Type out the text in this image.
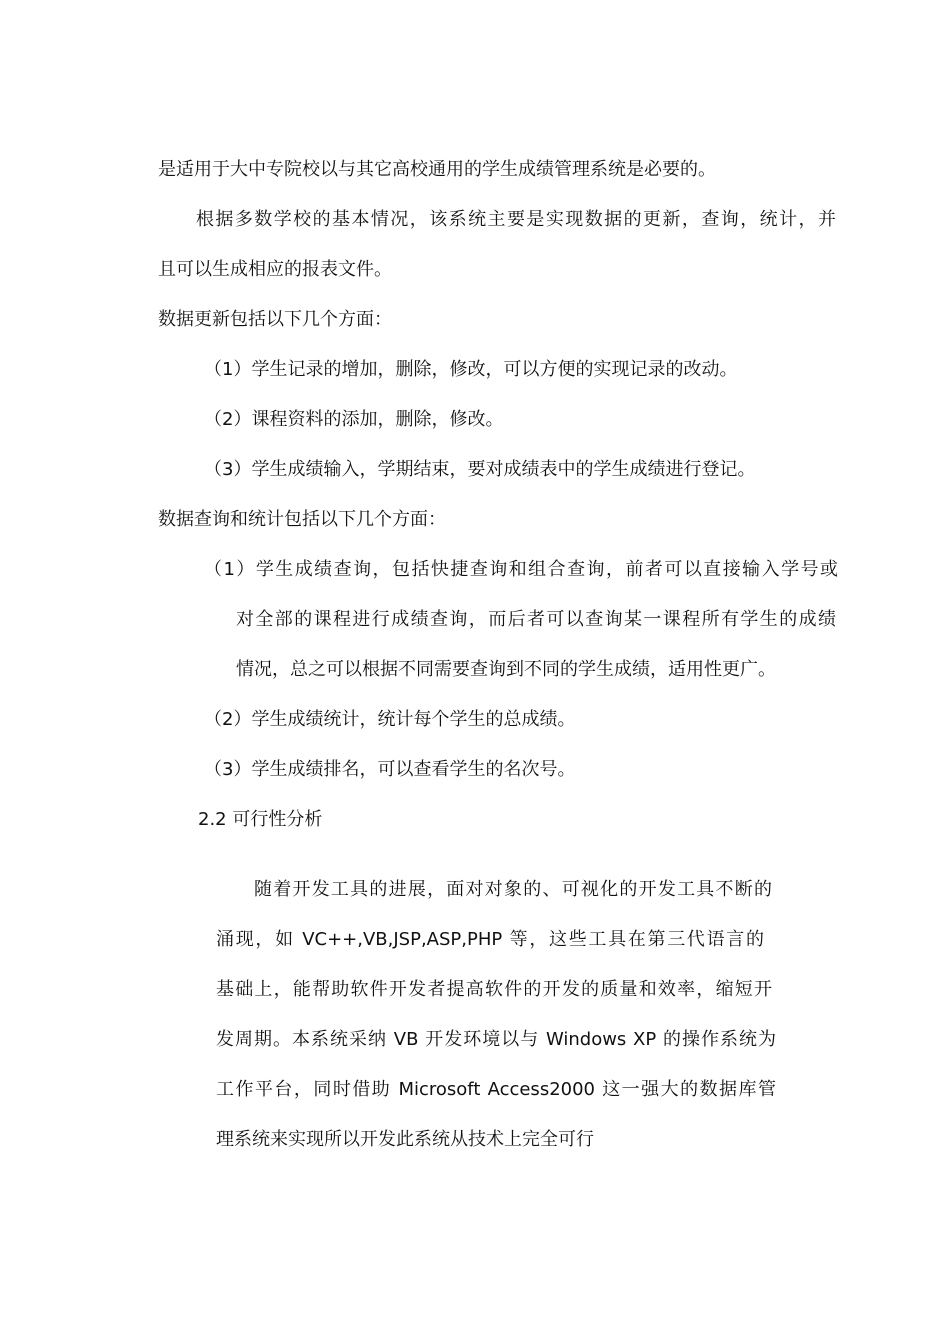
是适用于大中专院校以与其它高校通用的学生成绩管理系统是必要的。
根据多数学校的基本情况，该系统主要是实现数据的更新，查询，统计，并
且可以生成相应的报表文件。
数据更新包括以下几个方面：
（1）学生记录的增加，删除，修改，可以方便的实现记录的改动。
（2）课程资料的添加，删除，修改。
（3）学生成绩输入，学期结束，要对成绩表中的学生成绩进行登记。
数据查询和统计包括以下几个方面：
（1）学生成绩查询，包括快捷查询和组合查询，前者可以直接输入学号或
对全部的课程进行成绩查询，而后者可以查询某一课程所有学生的成绩
情况，总之可以根据不同需要查询到不同的学生成绩，适用性更广。
（2）学生成绩统计，统计每个学生的总成绩。
（3）学生成绩排名，可以查看学生的名次号。
2.2 可行性分析
随着开发工具的进展，面对对象的、可视化的开发工具不断的
涌现，如 VC++,VB,JSP,ASP,PHP 等，这些工具在第三代语言的
基础上，能帮助软件开发者提高软件的开发的质量和效率，缩短开
发周期。本系统采纳 VB 开发环境以与 Windows XP 的操作系统为
工作平台，同时借助 Microsoft Access2000 这一强大的数据库管
理系统来实现所以开发此系统从技术上完全可行
